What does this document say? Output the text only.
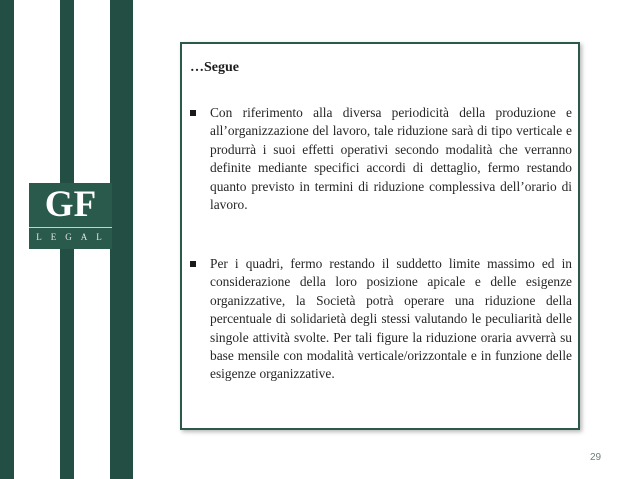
GF
LEGAL
…Segue
Con riferimento alla diversa periodicità della produzione e all’organizzazione del lavoro, tale riduzione sarà di tipo verticale e produrrà i suoi effetti operativi secondo modalità che verranno definite mediante specifici accordi di dettaglio, fermo restando quanto previsto in termini di riduzione complessiva dell’orario di lavoro.
Per i quadri, fermo restando il suddetto limite massimo ed in considerazione della loro posizione apicale e delle esigenze organizzative, la Società potrà operare una riduzione della percentuale di solidarietà degli stessi valutando le peculiarità delle singole attività svolte. Per tali figure la riduzione oraria avverrà su base mensile con modalità verticale/orizzontale e in funzione delle esigenze organizzative.
29
